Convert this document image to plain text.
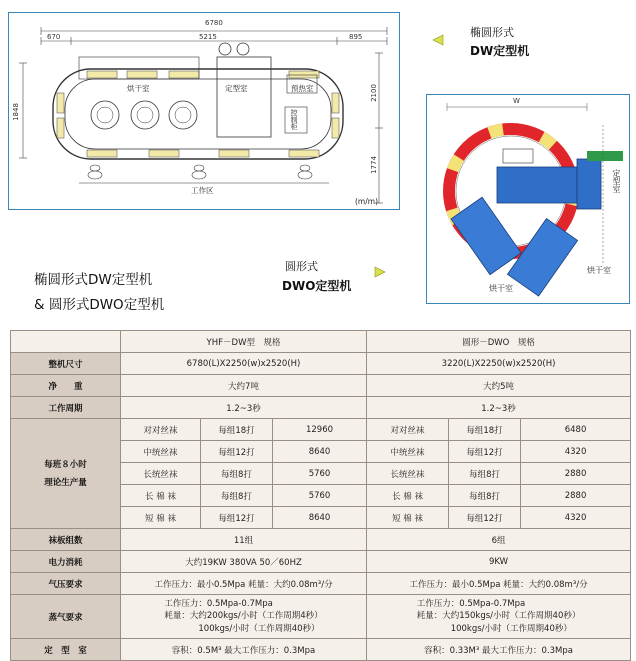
6780
670	5215	895
1848
2100
1774
烘干室	定型室	预热室
控制柜
工作区
(m/m)
椭圆形式
DW定型机
W
定型室
烘干室
烘干室
圆形式
DWO定型机
椭圆形式DW定型机
& 圆形式DWO定型机
	YHF－DW型　规格			圆形－DWO　规格		
整机尺寸	6780(L)X2250(w)x2520(H)			3220(L)X2250(w)x2520(H)		
净　　重	大约7吨			大约5吨		
工作周期	1.2~3秒			1.2~3秒		

每班８小时
理论生产量	对对丝袜	每组18打	12960	对对丝袜	每组18打	6480
	中统丝袜	每组12打	8640	中统丝袜	每组12打	4320
	长统丝袜	每组8打	5760	长统丝袜	每组8打	2880
	长 棉 袜	每组8打	5760	长 棉 袜	每组8打	2880
	短 棉 袜	每组12打	8640	短 棉 袜	每组12打	4320
袜板组数	11组			6组		
电力消耗	大约19KW 380VA 50／60HZ			9KW		
气压要求	工作压力：最小0.5Mpa 耗量：大约0.08m³/分			工作压力：最小0.5Mpa 耗量：大约0.08m³/分		
蒸气要求	工作压力：0.5Mpa-0.7Mpa
耗量：大约200kgs/小时（工作周期4秒）
100kgs/小时（工作周期40秒）			工作压力：0.5Mpa-0.7Mpa
耗量：大约150kgs/小时（工作周期40秒）
100kgs/小时（工作周期40秒）		

定　型　室	容积：0.5M³ 最大工作压力：0.3Mpa			容积：0.33M³ 最大工作压力：0.3Mpa		
